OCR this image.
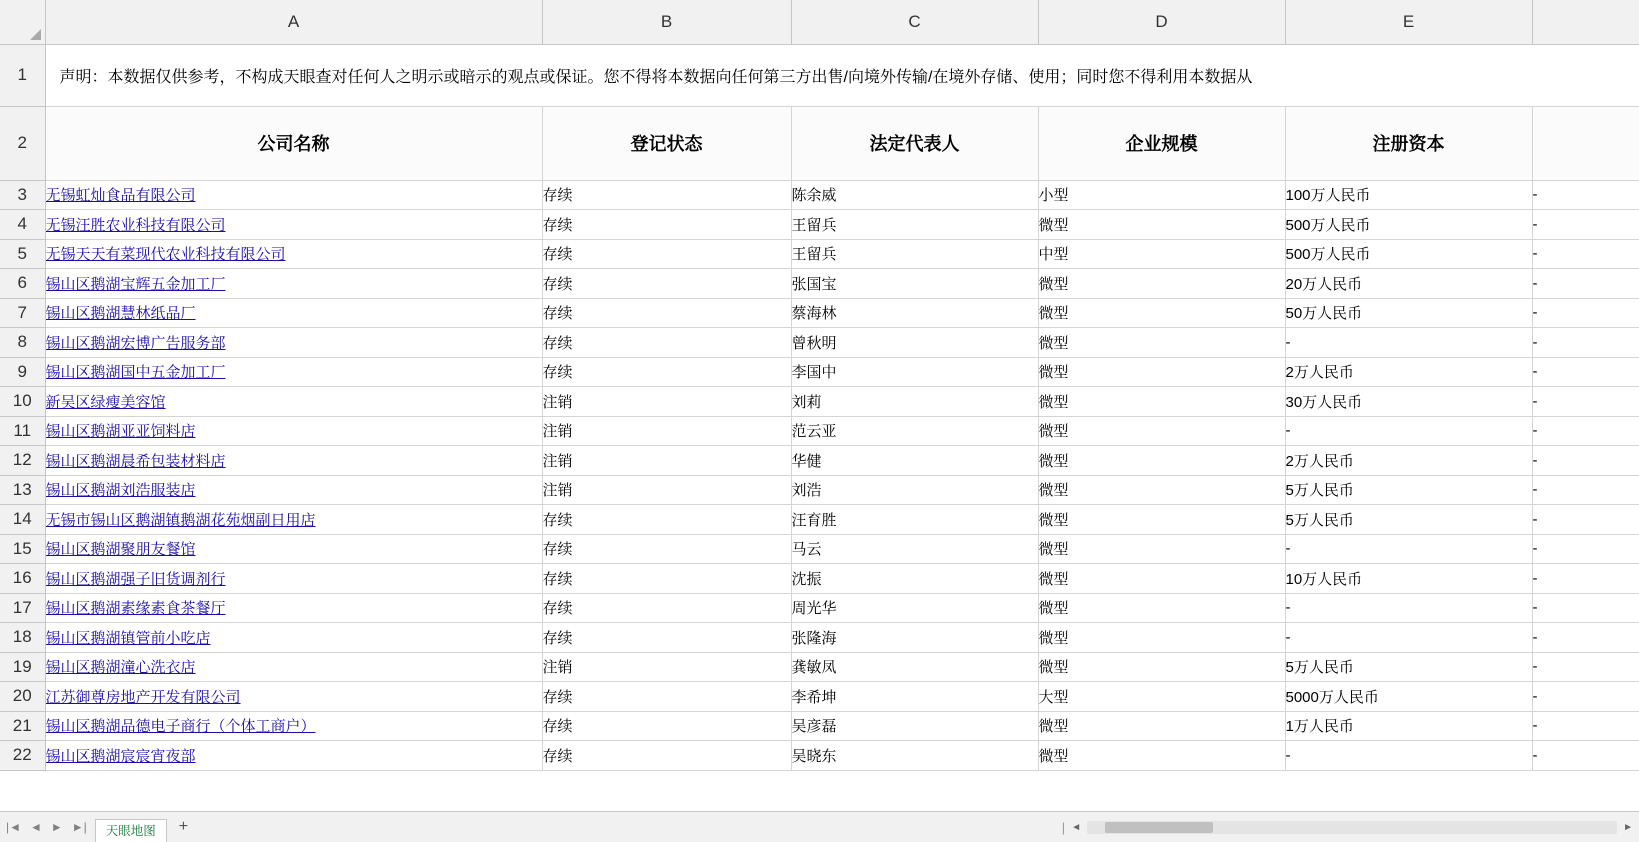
	A	B	C	D	E	
1	声明：本数据仅供参考，不构成天眼查对任何人之明示或暗示的观点或保证。您不得将本数据向任何第三方出售/向境外传输/在境外存储、使用；同时您不得利用本数据从					
2	公司名称	登记状态	法定代表人	企业规模	注册资本	
3	无锡虹灿食品有限公司	存续	陈余威	小型	100万人民币	-
4	无锡汪胜农业科技有限公司	存续	王留兵	微型	500万人民币	-
5	无锡天天有菜现代农业科技有限公司	存续	王留兵	中型	500万人民币	-
6	锡山区鹅湖宝辉五金加工厂	存续	张国宝	微型	20万人民币	-
7	锡山区鹅湖慧林纸品厂	存续	蔡海林	微型	50万人民币	-
8	锡山区鹅湖宏博广告服务部	存续	曾秋明	微型	-	-
9	锡山区鹅湖国中五金加工厂	存续	李国中	微型	2万人民币	-
10	新吴区绿瘦美容馆	注销	刘莉	微型	30万人民币	-
11	锡山区鹅湖亚亚饲料店	注销	范云亚	微型	-	-
12	锡山区鹅湖晨希包装材料店	注销	华健	微型	2万人民币	-
13	锡山区鹅湖刘浩服装店	注销	刘浩	微型	5万人民币	-
14	无锡市锡山区鹅湖镇鹅湖花苑烟副日用店	存续	汪育胜	微型	5万人民币	-
15	锡山区鹅湖聚朋友餐馆	存续	马云	微型	-	-
16	锡山区鹅湖强子旧货调剂行	存续	沈振	微型	10万人民币	-
17	锡山区鹅湖素缘素食茶餐厅	存续	周光华	微型	-	-
18	锡山区鹅湖镇管前小吃店	存续	张隆海	微型	-	-
19	锡山区鹅湖潼心洗衣店	注销	龚敏凤	微型	5万人民币	-
20	江苏御尊房地产开发有限公司	存续	李希坤	大型	5000万人民币	-
21	锡山区鹅湖品德电子商行（个体工商户）	存续	吴彦磊	微型	1万人民币	-
22	锡山区鹅湖宸宸宵夜部	存续	吴晓东	微型	-	-
|◄ ◄ ► ►|	天眼地图	+	| ◄	►
